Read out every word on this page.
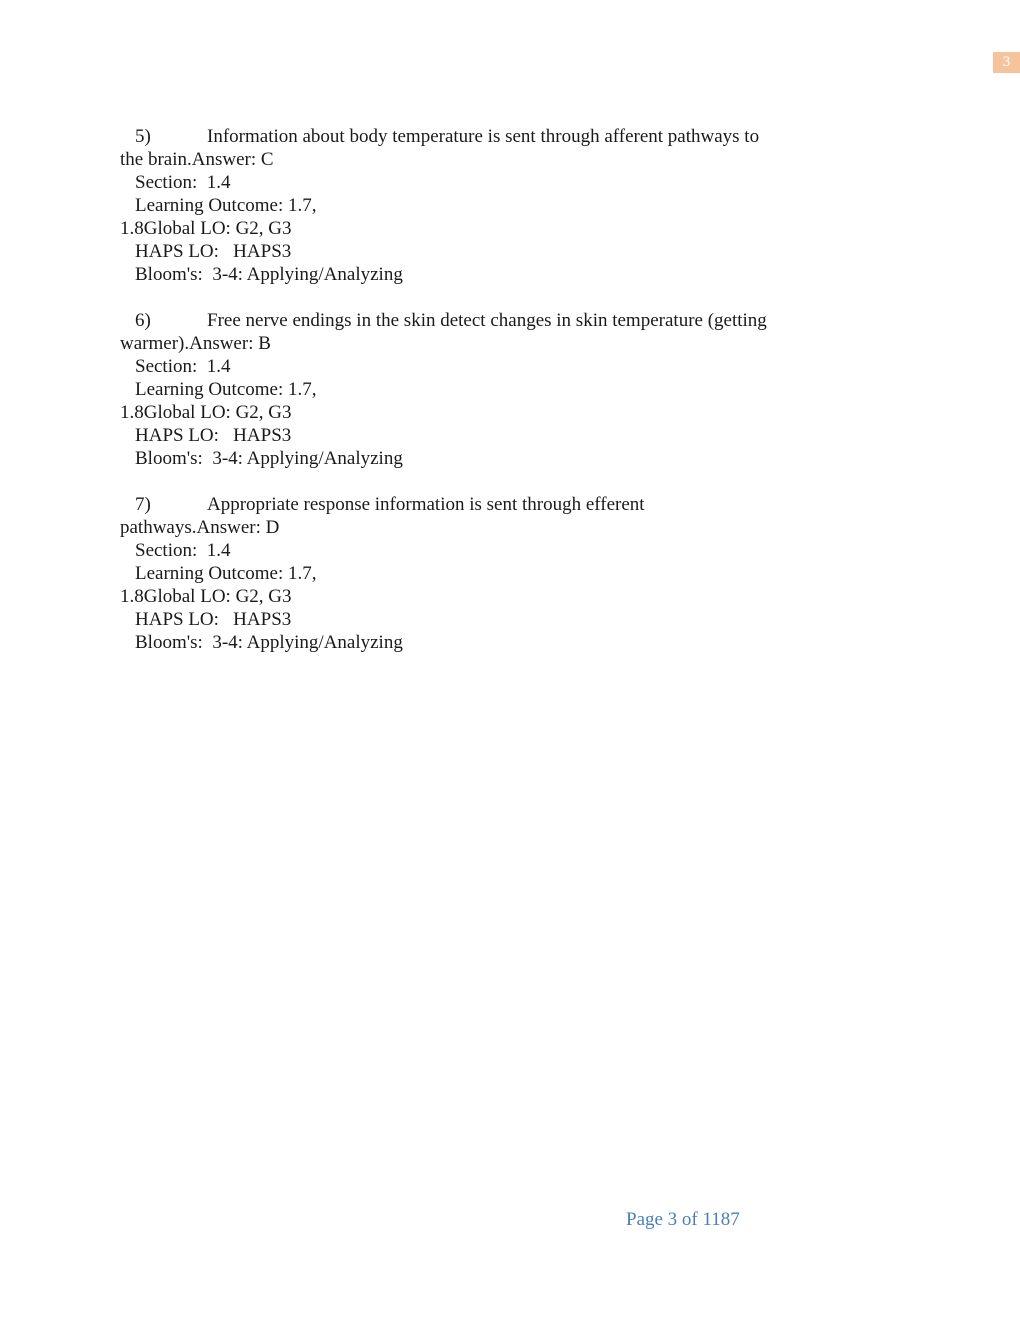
3
5)	Information about body temperature is sent through afferent pathways to
the brain.Answer: C
Section:  1.4
Learning Outcome: 1.7,
1.8Global LO: G2, G3
HAPS LO:   HAPS3
Bloom's:  3-4: Applying/Analyzing
6)	Free nerve endings in the skin detect changes in skin temperature (getting
warmer).Answer: B
Section:  1.4
Learning Outcome: 1.7,
1.8Global LO: G2, G3
HAPS LO:   HAPS3
Bloom's:  3-4: Applying/Analyzing
7)	Appropriate response information is sent through efferent
pathways.Answer: D
Section:  1.4
Learning Outcome: 1.7,
1.8Global LO: G2, G3
HAPS LO:   HAPS3
Bloom's:  3-4: Applying/Analyzing
Page 3 of 1187
